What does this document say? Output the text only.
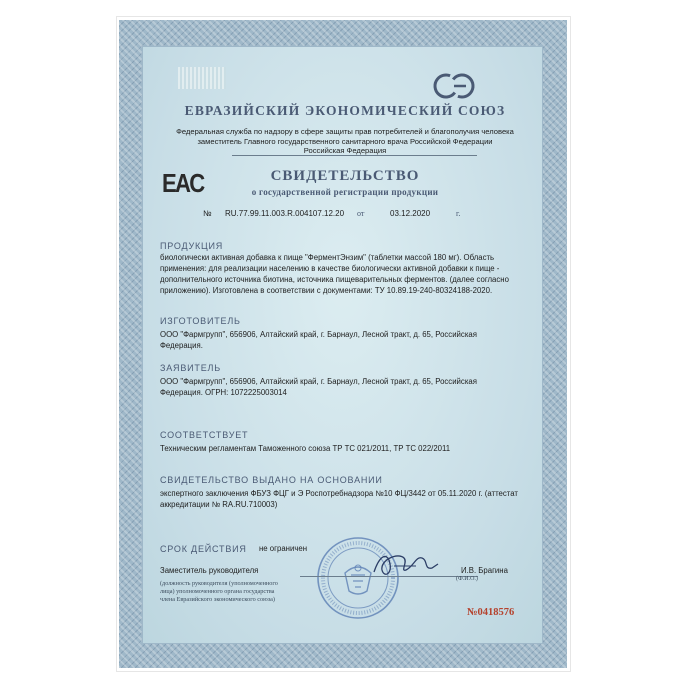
ЕВРАЗИЙСКИЙ ЭКОНОМИЧЕСКИЙ СОЮЗ
Федеральная служба по надзору в сфере защиты прав потребителей и благополучия человека
заместитель Главного государственного санитарного врача Российской Федерации
Российская Федерация
EAC	СВИДЕТЕЛЬСТВО
о государственной регистрации продукции
№ RU.77.99.11.003.R.004107.12.20 от	03.12.2020	г.
ПРОДУКЦИЯ
биологически активная добавка к пище "ФерментЭнзим" (таблетки массой 180 мг). Область
применения: для реализации населению в качестве биологически активной добавки к пище -
дополнительного источника биотина, источника пищеварительных ферментов. (далее согласно
приложению). Изготовлена в соответствии с документами: ТУ 10.89.19-240-80324188-2020.
ИЗГОТОВИТЕЛЬ
ООО "Фармгрупп", 656906, Алтайский край, г. Барнаул, Лесной тракт, д. 65, Российская
Федерация.
ЗАЯВИТЕЛЬ
ООО "Фармгрупп", 656906, Алтайский край, г. Барнаул, Лесной тракт, д. 65, Российская
Федерация. ОГРН: 1072225003014
СООТВЕТСТВУЕТ
Техническим регламентам Таможенного союза ТР ТС 021/2011, ТР ТС 022/2011
СВИДЕТЕЛЬСТВО ВЫДАНО НА ОСНОВАНИИ
экспертного заключения ФБУЗ ФЦГ и Э Роспотребнадзора №10 ФЦ/3442 от 05.11.2020 г. (аттестат
аккредитации № RA.RU.710003)
СРОК ДЕЙСТВИЯ не ограничен
Заместитель руководителя	И.В. Брагина
(Ф.И.О.)
(должность руководителя (уполномоченного
лица) уполномоченного органа государства
члена Евразийского экономического союза)
№0418576
